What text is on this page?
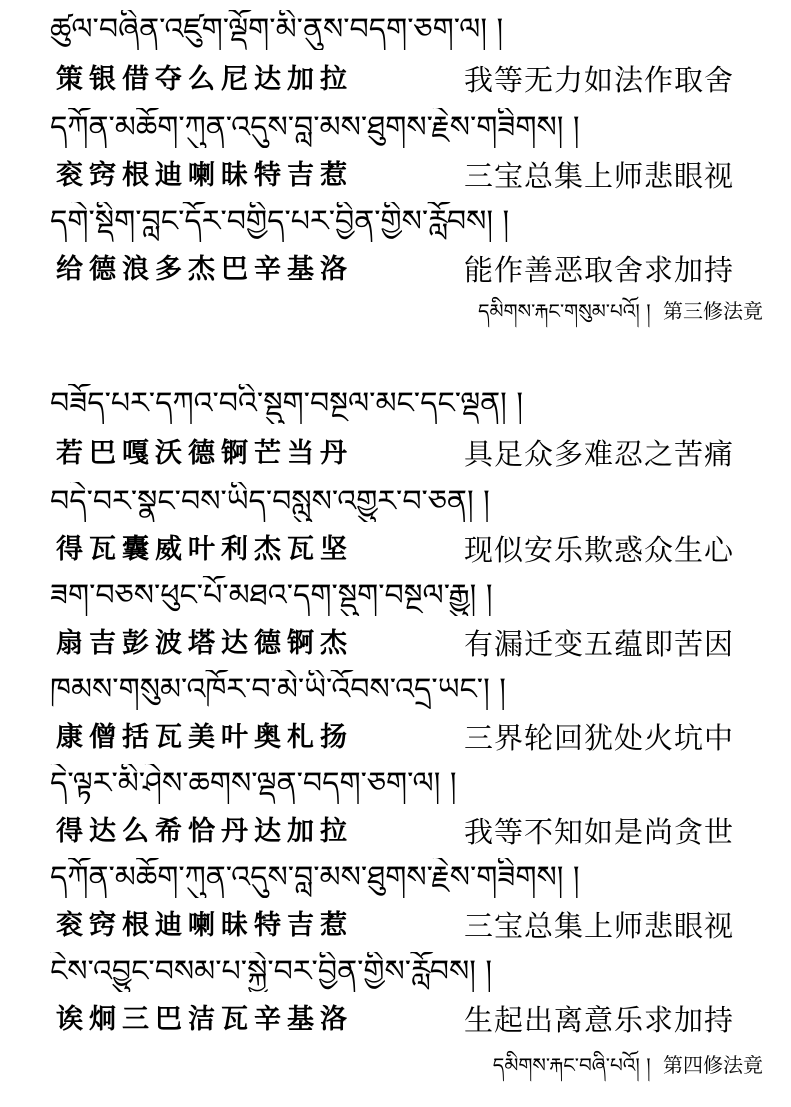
ཚུལ་བཞིན་འཛུག་ལྡོག་མི་ནུས་བདག་ཅག་ལ། །
策银借夺么尼达加拉	我等无力如法作取舍
དཀོན་མཆོག་ཀུན་འདུས་བླ་མས་ཐུགས་རྗེས་གཟིགས། །
衮窍根迪喇昧特吉惹	三宝总集上师悲眼视
དགེ་སྡིག་བླང་དོར་བགྱིད་པར་བྱིན་གྱིས་རློབས། །
给德浪多杰巴辛基洛	能作善恶取舍求加持
དམིགས་རྐང་གསུམ་པའོ། ། 第三修法竟
བཟོད་པར་དཀའ་བའི་སྡུག་བསྔལ་མང་དང་ལྡན། །
若巴嘎沃德锕芒当丹	具足众多难忍之苦痛
བདེ་བར་སྣང་བས་ཡིད་བསླུས་འགྱུར་བ་ཅན། །
得瓦囊威叶利杰瓦坚	现似安乐欺惑众生心
ཟག་བཅས་ཕུང་པོ་མཐའ་དག་སྡུག་བསྔལ་རྒྱུ། །
扇吉彭波塔达德锕杰	有漏迁变五蕴即苦因
ཁམས་གསུམ་འཁོར་བ་མེ་ཡི་འོབས་འདྲ་ཡང་། །
康僧括瓦美叶奥札扬	三界轮回犹处火坑中
དེ་ལྟར་མི་ཤེས་ཆགས་ལྡན་བདག་ཅག་ལ། །
得达么希恰丹达加拉	我等不知如是尚贪世
དཀོན་མཆོག་ཀུན་འདུས་བླ་མས་ཐུགས་རྗེས་གཟིགས། །
衮窍根迪喇昧特吉惹	三宝总集上师悲眼视
ངེས་འབྱུང་བསམ་པ་སྐྱེ་བར་བྱིན་གྱིས་རློབས། །
诶炯三巴洁瓦辛基洛	生起出离意乐求加持
དམིགས་རྐང་བཞི་པའོ། ། 第四修法竟
